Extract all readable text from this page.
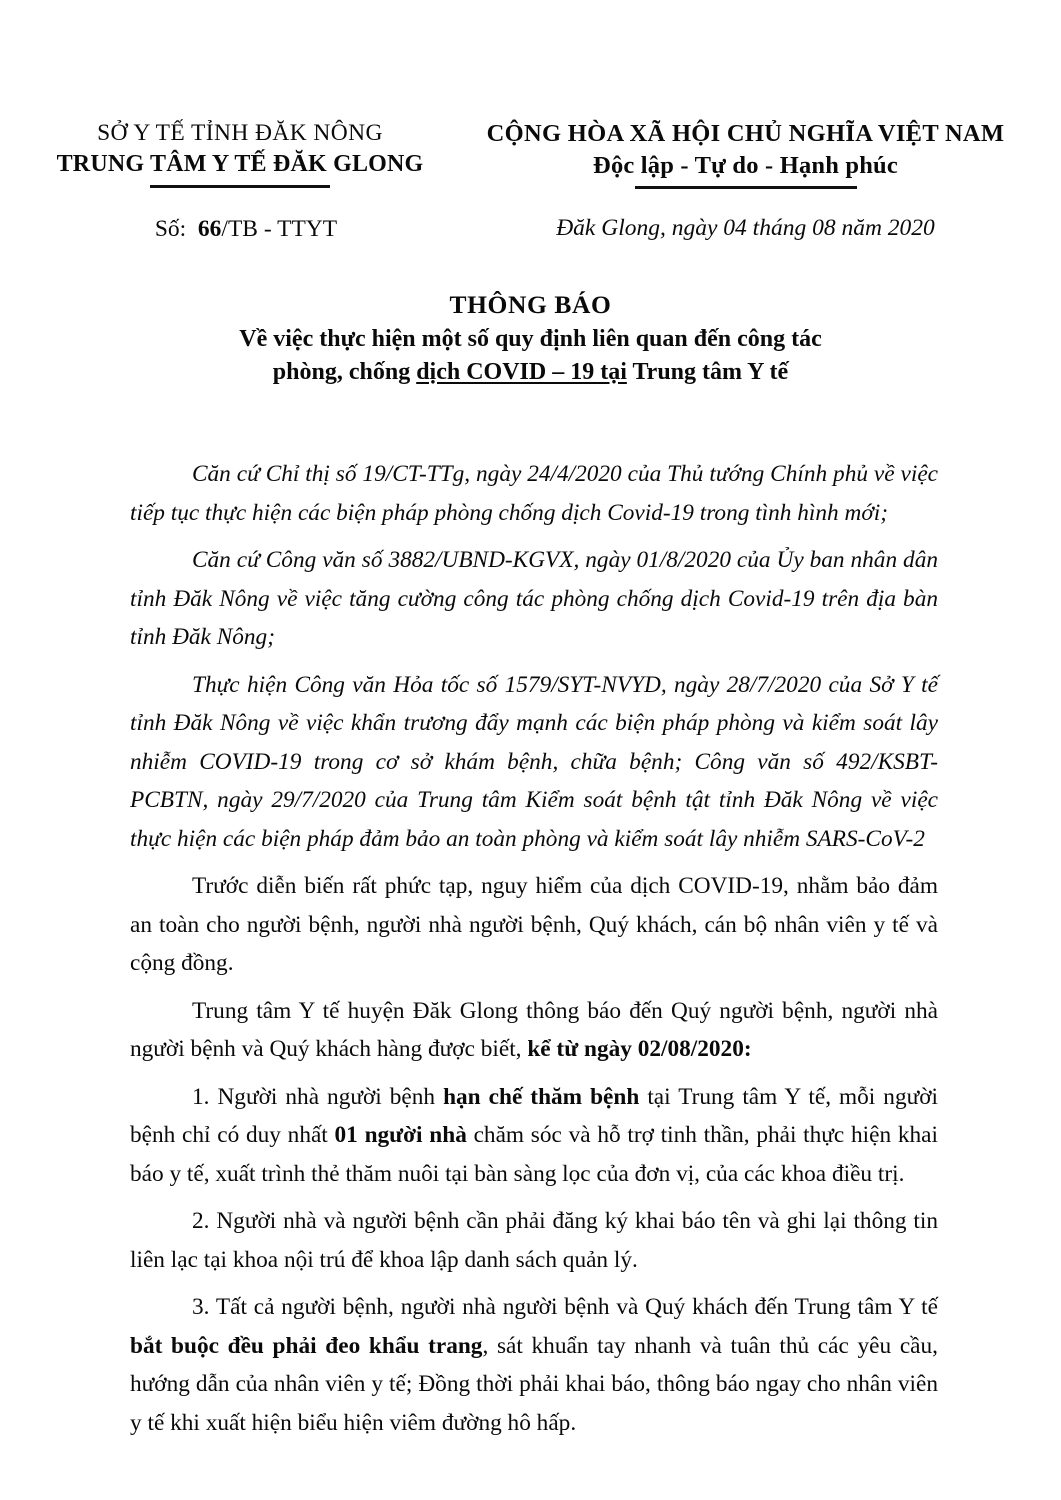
SỞ Y TẾ TỈNH ĐĂK NÔNG
TRUNG TÂM Y TẾ ĐĂK GLONG
Số: 66/TB - TTYT
CỘNG HÒA XÃ HỘI CHỦ NGHĨA VIỆT NAM
Độc lập - Tự do - Hạnh phúc
Đăk Glong, ngày 04 tháng 08 năm 2020
THÔNG BÁO
Về việc thực hiện một số quy định liên quan đến công tác
phòng, chống dịch COVID – 19 tại Trung tâm Y tế

Căn cứ Chỉ thị số 19/CT-TTg, ngày 24/4/2020 của Thủ tướng Chính phủ về việc tiếp tục thực hiện các biện pháp phòng chống dịch Covid-19 trong tình hình mới;

Căn cứ Công văn số 3882/UBND-KGVX, ngày 01/8/2020 của Ủy ban nhân dân tỉnh Đăk Nông về việc tăng cường công tác phòng chống dịch Covid-19 trên địa bàn tỉnh Đăk Nông;

Thực hiện Công văn Hỏa tốc số 1579/SYT-NVYD, ngày 28/7/2020 của Sở Y tế tỉnh Đăk Nông về việc khẩn trương đẩy mạnh các biện pháp phòng và kiểm soát lây nhiễm COVID-19 trong cơ sở khám bệnh, chữa bệnh; Công văn số 492/KSBT-PCBTN, ngày 29/7/2020 của Trung tâm Kiểm soát bệnh tật tỉnh Đăk Nông về việc thực hiện các biện pháp đảm bảo an toàn phòng và kiểm soát lây nhiễm SARS-CoV-2

Trước diễn biến rất phức tạp, nguy hiểm của dịch COVID-19, nhằm bảo đảm an toàn cho người bệnh, người nhà người bệnh, Quý khách, cán bộ nhân viên y tế và cộng đồng.

Trung tâm Y tế huyện Đăk Glong thông báo đến Quý người bệnh, người nhà người bệnh và Quý khách hàng được biết, kể từ ngày 02/08/2020:

1. Người nhà người bệnh hạn chế thăm bệnh tại Trung tâm Y tế, mỗi người bệnh chỉ có duy nhất 01 người nhà chăm sóc và hỗ trợ tinh thần, phải thực hiện khai báo y tế, xuất trình thẻ thăm nuôi tại bàn sàng lọc của đơn vị, của các khoa điều trị.

2. Người nhà và người bệnh cần phải đăng ký khai báo tên và ghi lại thông tin liên lạc tại khoa nội trú để khoa lập danh sách quản lý.

3. Tất cả người bệnh, người nhà người bệnh và Quý khách đến Trung tâm Y tế bắt buộc đều phải đeo khẩu trang, sát khuẩn tay nhanh và tuân thủ các yêu cầu, hướng dẫn của nhân viên y tế; Đồng thời phải khai báo, thông báo ngay cho nhân viên y tế khi xuất hiện biểu hiện viêm đường hô hấp.
